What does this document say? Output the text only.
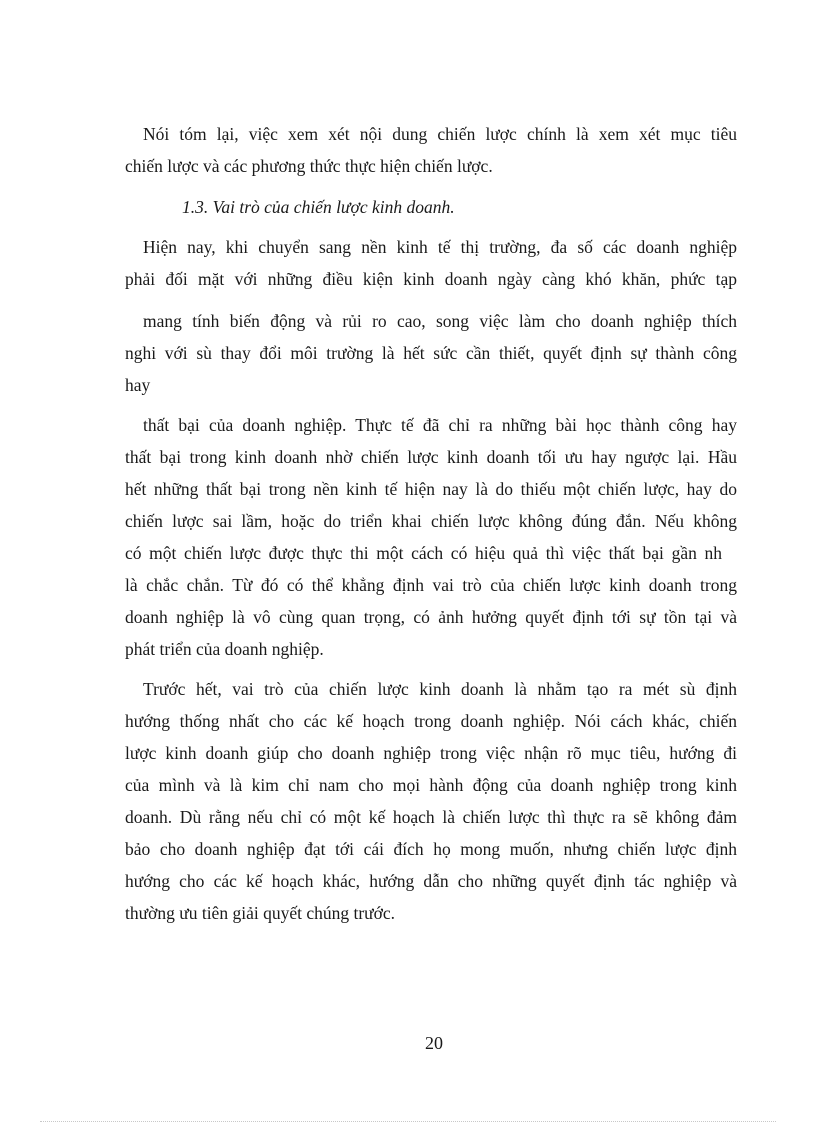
Nói tóm lại, việc xem xét nội dung chiến lược chính là xem xét mục tiêu
chiến lược và các phương thức thực hiện chiến lược.
1.3. Vai trò của chiến lược kinh doanh.
Hiện nay, khi chuyển sang nền kinh tế thị trường, đa số các doanh nghiệp
phải đối mặt với những điều kiện kinh doanh ngày càng khó khăn, phức tạp
mang tính biến động và rủi ro cao, song việc làm cho doanh nghiệp thích
nghi với sù thay đổi môi trường là hết sức cần thiết, quyết định sự thành công
hay
thất bại của doanh nghiệp. Thực tế đã chỉ ra những bài học thành công hay
thất bại trong kinh doanh nhờ chiến lược kinh doanh tối ưu hay ngược lại. Hầu
hết những thất bại trong nền kinh tế hiện nay là do thiếu một chiến lược, hay do
chiến lược sai lầm, hoặc do triển khai chiến lược không đúng đắn. Nếu không
có một chiến lược được thực thi một cách có hiệu quả thì việc thất bại gần nh
là chắc chắn. Từ đó có thể khẳng định vai trò của chiến lược kinh doanh trong
doanh nghiệp là vô cùng quan trọng, có ảnh hưởng quyết định tới sự tồn tại và
phát triển của doanh nghiệp.
Trước hết, vai trò của chiến lược kinh doanh là nhằm tạo ra mét sù định
hướng thống nhất cho các kế hoạch trong doanh nghiệp. Nói cách khác, chiến
lược kinh doanh giúp cho doanh nghiệp trong việc nhận rõ mục tiêu, hướng đi
của mình và là kim chỉ nam cho mọi hành động của doanh nghiệp trong kinh
doanh. Dù rằng nếu chỉ có một kế hoạch là chiến lược thì thực ra sẽ không đảm
bảo cho doanh nghiệp đạt tới cái đích họ mong muốn, nhưng chiến lược định
hướng cho các kế hoạch khác, hướng dẫn cho những quyết định tác nghiệp và
thường ưu tiên giải quyết chúng trước.
20
